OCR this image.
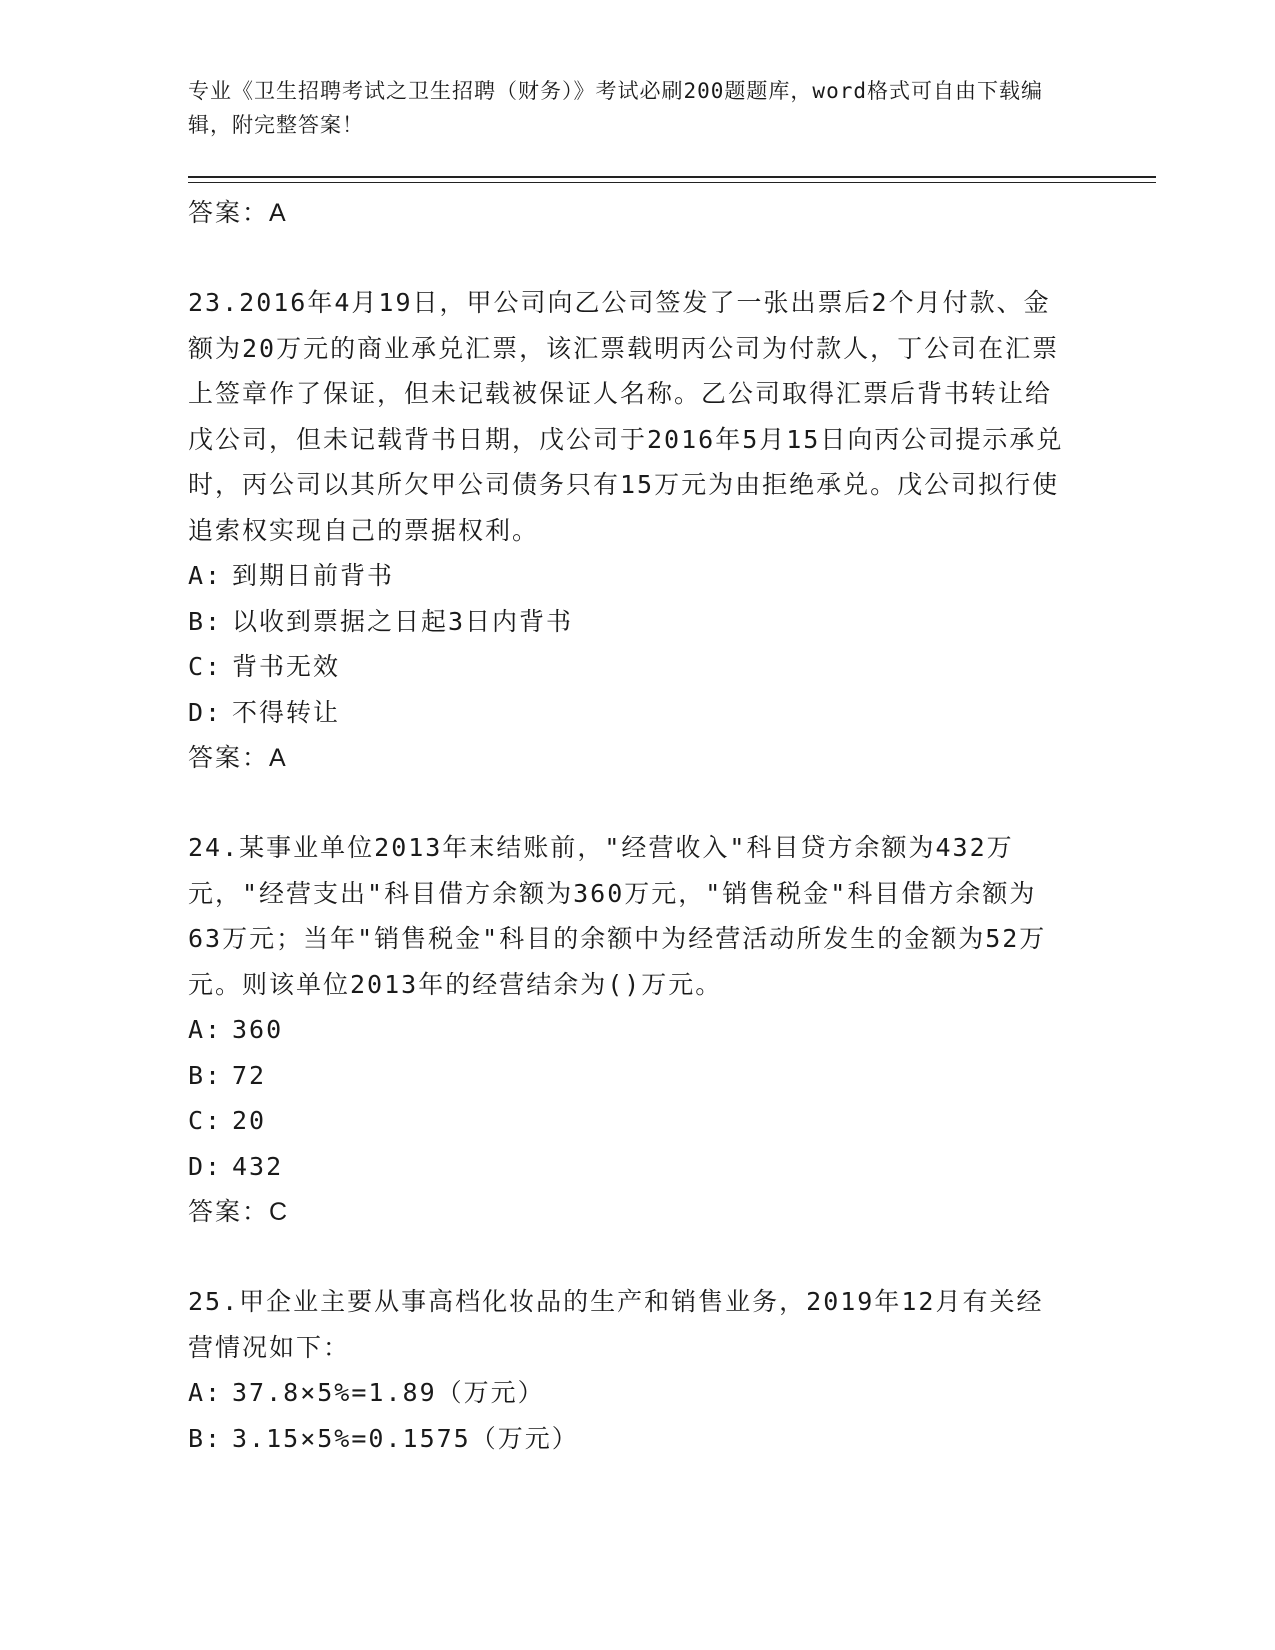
专业《卫生招聘考试之卫生招聘（财务）》考试必刷200题题库，word格式可自由下载编辑，附完整答案！
答案：A
23.2016年4月19日，甲公司向乙公司签发了一张出票后2个月付款、金额为20万元的商业承兑汇票，该汇票载明丙公司为付款人，丁公司在汇票上签章作了保证，但未记载被保证人名称。乙公司取得汇票后背书转让给戊公司，但未记载背书日期，戊公司于2016年5月15日向丙公司提示承兑时，丙公司以其所欠甲公司债务只有15万元为由拒绝承兑。戊公司拟行使追索权实现自己的票据权利。
A: 到期日前背书
B: 以收到票据之日起3日内背书
C: 背书无效
D: 不得转让
答案：A
24.某事业单位2013年末结账前，"经营收入"科目贷方余额为432万元，"经营支出"科目借方余额为360万元，"销售税金"科目借方余额为63万元；当年"销售税金"科目的余额中为经营活动所发生的金额为52万元。则该单位2013年的经营结余为()万元。
A: 360
B: 72
C: 20
D: 432
答案：C
25.甲企业主要从事高档化妆品的生产和销售业务，2019年12月有关经营情况如下：
A: 37.8×5%=1.89（万元）
B: 3.15×5%=0.1575（万元）
